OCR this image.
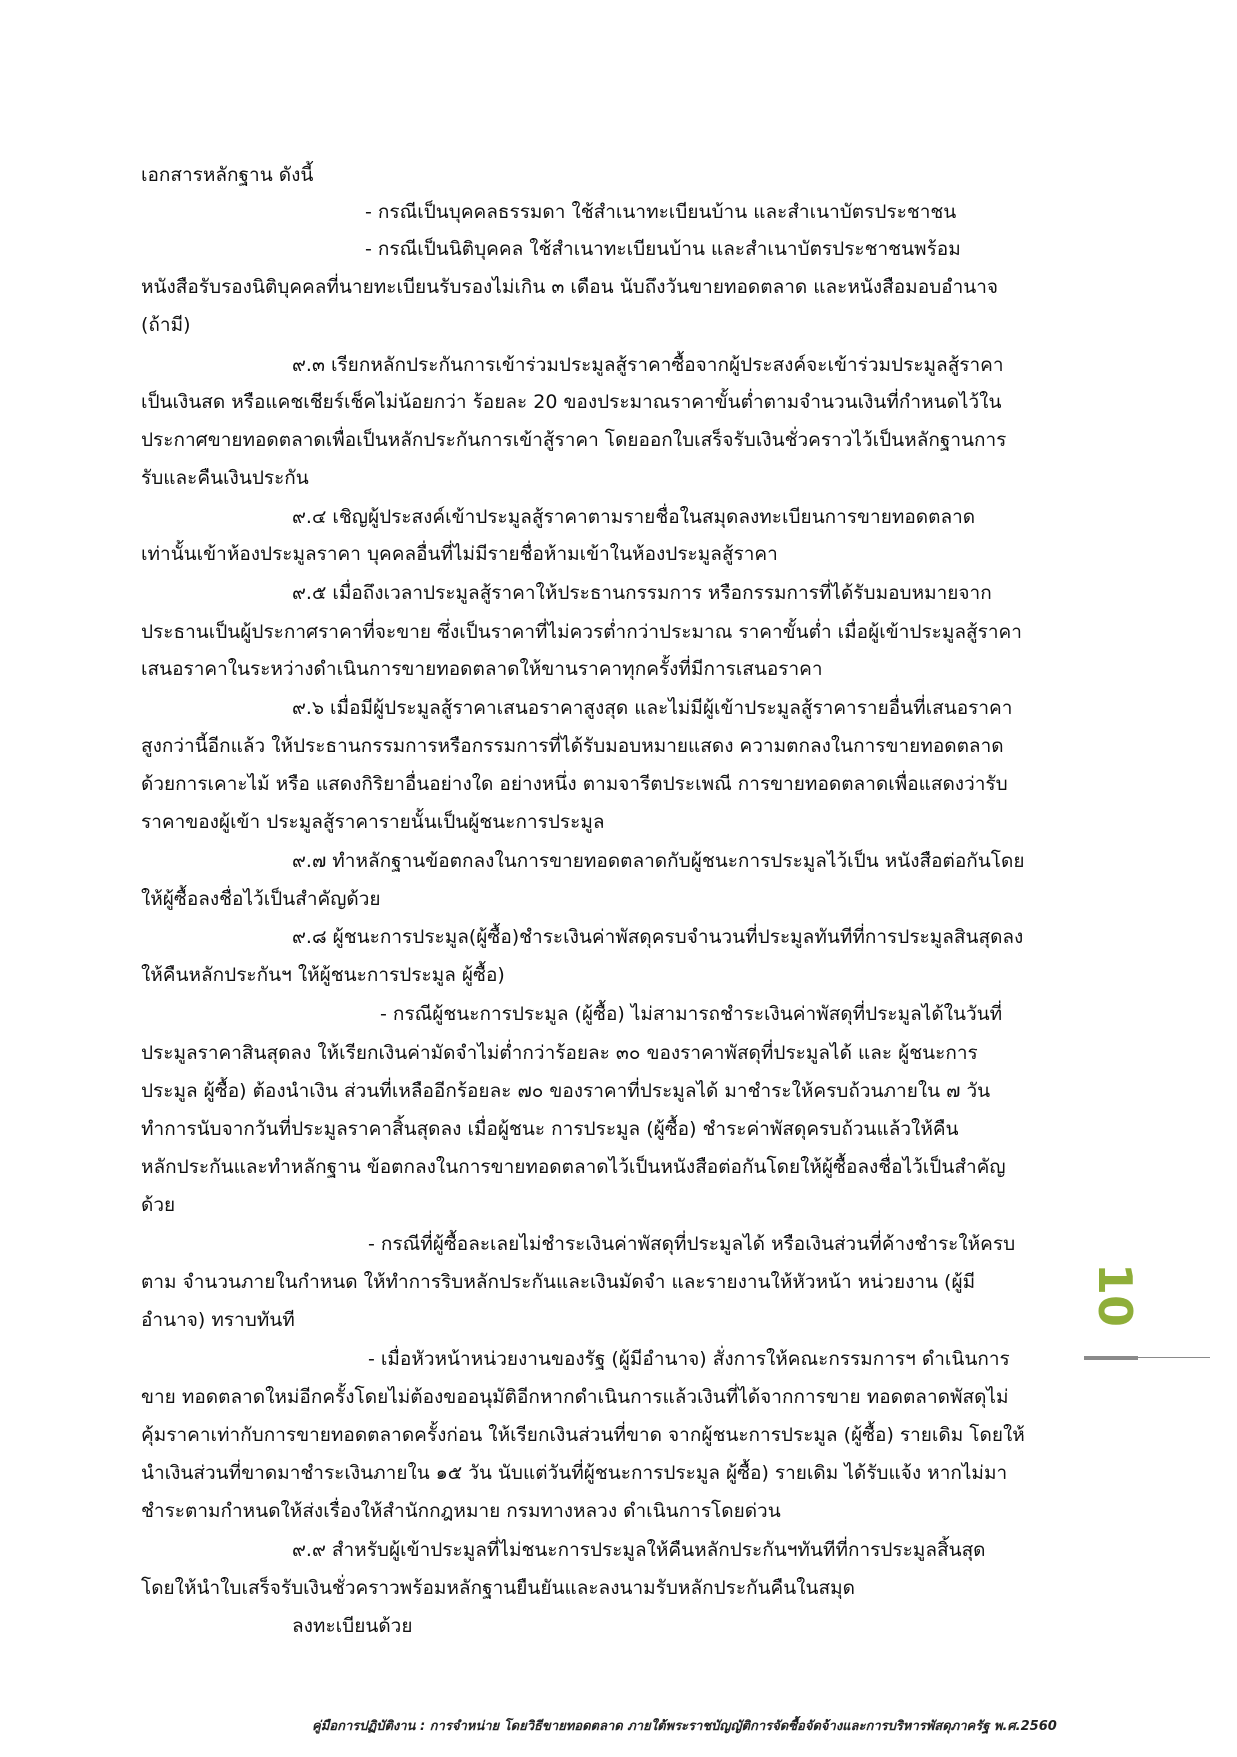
เอกสารหลักฐาน ดังนี้
- กรณีเป็นบุคคลธรรมดา ใช้สำเนาทะเบียนบ้าน และสำเนาบัตรประชาชน
- กรณีเป็นนิติบุคคล ใช้สำเนาทะเบียนบ้าน และสำเนาบัตรประชาชนพร้อม
หนังสือรับรองนิติบุคคลที่นายทะเบียนรับรองไม่เกิน ๓ เดือน นับถึงวันขายทอดตลาด และหนังสือมอบอำนาจ
(ถ้ามี)
๙.๓ เรียกหลักประกันการเข้าร่วมประมูลสู้ราคาซื้อจากผู้ประสงค์จะเข้าร่วมประมูลสู้ราคา
เป็นเงินสด หรือแคชเชียร์เช็คไม่น้อยกว่า ร้อยละ 20 ของประมาณราคาขั้นต่ำตามจำนวนเงินที่กำหนดไว้ใน
ประกาศขายทอดตลาดเพื่อเป็นหลักประกันการเข้าสู้ราคา โดยออกใบเสร็จรับเงินชั่วคราวไว้เป็นหลักฐานการ
รับและคืนเงินประกัน
๙.๔ เชิญผู้ประสงค์เข้าประมูลสู้ราคาตามรายชื่อในสมุดลงทะเบียนการขายทอดตลาด
เท่านั้นเข้าห้องประมูลราคา บุคคลอื่นที่ไม่มีรายชื่อห้ามเข้าในห้องประมูลสู้ราคา
๙.๕ เมื่อถึงเวลาประมูลสู้ราคาให้ประธานกรรมการ หรือกรรมการที่ได้รับมอบหมายจาก
ประธานเป็นผู้ประกาศราคาที่จะขาย ซึ่งเป็นราคาที่ไม่ควรต่ำกว่าประมาณ ราคาขั้นต่ำ เมื่อผู้เข้าประมูลสู้ราคา
เสนอราคาในระหว่างดำเนินการขายทอดตลาดให้ขานราคาทุกครั้งที่มีการเสนอราคา
๙.๖ เมื่อมีผู้ประมูลสู้ราคาเสนอราคาสูงสุด และไม่มีผู้เข้าประมูลสู้ราคารายอื่นที่เสนอราคา
สูงกว่านี้อีกแล้ว ให้ประธานกรรมการหรือกรรมการที่ได้รับมอบหมายแสดง ความตกลงในการขายทอดตลาด
ด้วยการเคาะไม้ หรือ แสดงกิริยาอื่นอย่างใด อย่างหนึ่ง ตามจารีตประเพณี การขายทอดตลาดเพื่อแสดงว่ารับ
ราคาของผู้เข้า ประมูลสู้ราคารายนั้นเป็นผู้ชนะการประมูล
๙.๗ ทำหลักฐานข้อตกลงในการขายทอดตลาดกับผู้ชนะการประมูลไว้เป็น หนังสือต่อกันโดย
ให้ผู้ซื้อลงชื่อไว้เป็นสำคัญด้วย
๙.๘ ผู้ชนะการประมูล(ผู้ซื้อ)ชำระเงินค่าพัสดุครบจำนวนที่ประมูลทันทีที่การประมูลสินสุดลง
ให้คืนหลักประกันฯ ให้ผู้ชนะการประมูล ผู้ซื้อ)
- กรณีผู้ชนะการประมูล (ผู้ซื้อ) ไม่สามารถชำระเงินค่าพัสดุที่ประมูลได้ในวันที่
ประมูลราคาสินสุดลง ให้เรียกเงินค่ามัดจำไม่ต่ำกว่าร้อยละ ๓๐ ของราคาพัสดุที่ประมูลได้ และ ผู้ชนะการ
ประมูล ผู้ซื้อ) ต้องนำเงิน ส่วนที่เหลืออีกร้อยละ ๗๐ ของราคาที่ประมูลได้ มาชำระให้ครบถ้วนภายใน ๗ วัน
ทำการนับจากวันที่ประมูลราคาสิ้นสุดลง เมื่อผู้ชนะ การประมูล (ผู้ซื้อ) ชำระค่าพัสดุครบถ้วนแล้วให้คืน
หลักประกันและทำหลักฐาน ข้อตกลงในการขายทอดตลาดไว้เป็นหนังสือต่อกันโดยให้ผู้ซื้อลงชื่อไว้เป็นสำคัญ
ด้วย
- กรณีที่ผู้ซื้อละเลยไม่ชำระเงินค่าพัสดุที่ประมูลได้ หรือเงินส่วนที่ค้างชำระให้ครบ
ตาม จำนวนภายในกำหนด ให้ทำการริบหลักประกันและเงินมัดจำ และรายงานให้หัวหน้า หน่วยงาน (ผู้มี
อำนาจ) ทราบทันที
- เมื่อหัวหน้าหน่วยงานของรัฐ (ผู้มีอำนาจ) สั่งการให้คณะกรรมการฯ ดำเนินการ
ขาย ทอดตลาดใหม่อีกครั้งโดยไม่ต้องขออนุมัติอีกหากดำเนินการแล้วเงินที่ได้จากการขาย ทอดตลาดพัสดุไม่
คุ้มราคาเท่ากับการขายทอดตลาดครั้งก่อน ให้เรียกเงินส่วนที่ขาด จากผู้ชนะการประมูล (ผู้ซื้อ) รายเดิม โดยให้
นำเงินส่วนที่ขาดมาชำระเงินภายใน ๑๕ วัน นับแต่วันที่ผู้ชนะการประมูล ผู้ซื้อ) รายเดิม ได้รับแจ้ง หากไม่มา
ชำระตามกำหนดให้ส่งเรื่องให้สำนักกฎหมาย กรมทางหลวง ดำเนินการโดยด่วน
๙.๙ สำหรับผู้เข้าประมูลที่ไม่ชนะการประมูลให้คืนหลักประกันฯทันทีที่การประมูลสิ้นสุด
โดยให้นำใบเสร็จรับเงินชั่วคราวพร้อมหลักฐานยืนยันและลงนามรับหลักประกันคืนในสมุด
ลงทะเบียนด้วย
10
คู่มือการปฏิบัติงาน : การจำหน่าย โดยวิธีขายทอดตลาด ภายใต้พระราชบัญญัติการจัดซื้อจัดจ้างและการบริหารพัสดุภาครัฐ พ.ศ.2560
